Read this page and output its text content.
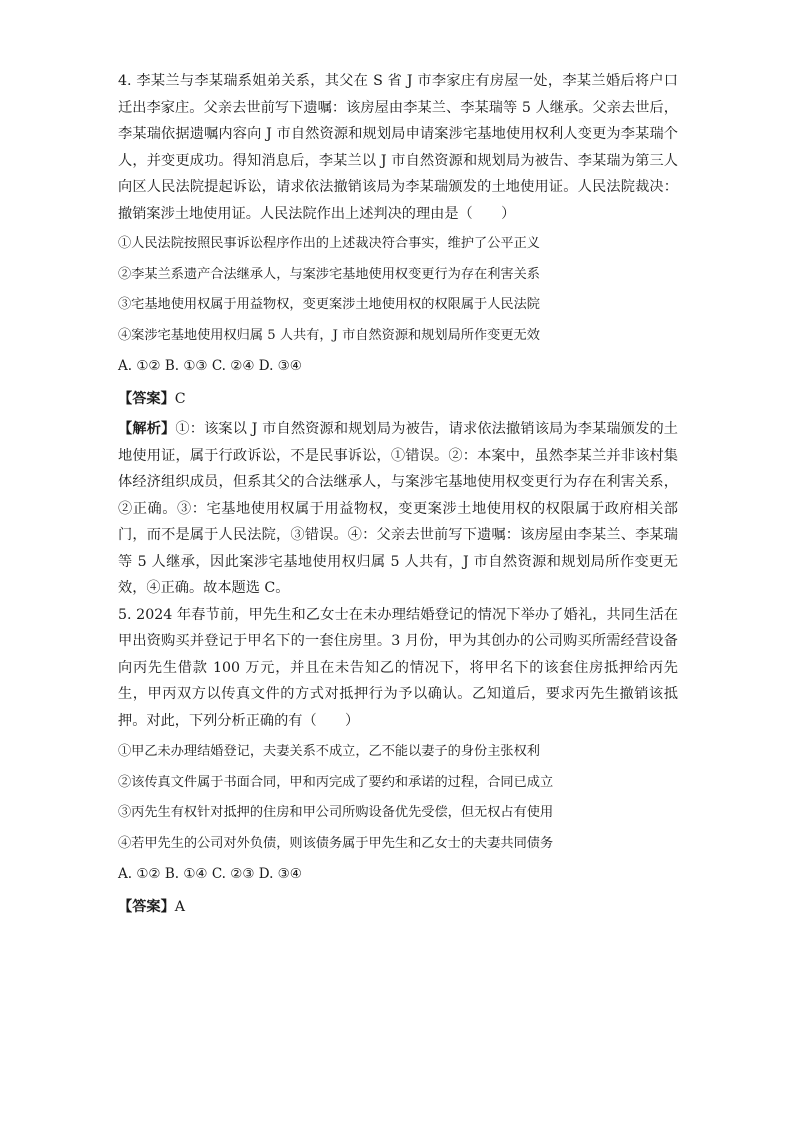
4. 李某兰与李某瑞系姐弟关系，其父在 S 省 J 市李家庄有房屋一处，李某兰婚后将户口迁出李家庄。父亲去世前写下遗嘱：该房屋由李某兰、李某瑞等 5 人继承。父亲去世后，李某瑞依据遗嘱内容向 J 市自然资源和规划局申请案涉宅基地使用权利人变更为李某瑞个人，并变更成功。得知消息后，李某兰以 J 市自然资源和规划局为被告、李某瑞为第三人向区人民法院提起诉讼，请求依法撤销该局为李某瑞颁发的土地使用证。人民法院裁决：撤销案涉土地使用证。人民法院作出上述判决的理由是（　　）

①人民法院按照民事诉讼程序作出的上述裁决符合事实，维护了公平正义

②李某兰系遗产合法继承人，与案涉宅基地使用权变更行为存在利害关系

③宅基地使用权属于用益物权，变更案涉土地使用权的权限属于人民法院

④案涉宅基地使用权归属 5 人共有，J 市自然资源和规划局所作变更无效

A. ①② B. ①③ C. ②④ D. ③④

【答案】C

【解析】①：该案以 J 市自然资源和规划局为被告，请求依法撤销该局为李某瑞颁发的土地使用证，属于行政诉讼，不是民事诉讼，①错误。②：本案中，虽然李某兰并非该村集体经济组织成员，但系其父的合法继承人，与案涉宅基地使用权变更行为存在利害关系，②正确。③：宅基地使用权属于用益物权，变更案涉土地使用权的权限属于政府相关部门，而不是属于人民法院，③错误。④：父亲去世前写下遗嘱：该房屋由李某兰、李某瑞等 5 人继承，因此案涉宅基地使用权归属 5 人共有，J 市自然资源和规划局所作变更无效，④正确。故本题选 C。

5. 2024 年春节前，甲先生和乙女士在未办理结婚登记的情况下举办了婚礼，共同生活在甲出资购买并登记于甲名下的一套住房里。3 月份，甲为其创办的公司购买所需经营设备向丙先生借款 100 万元，并且在未告知乙的情况下，将甲名下的该套住房抵押给丙先生，甲丙双方以传真文件的方式对抵押行为予以确认。乙知道后，要求丙先生撤销该抵押。对此，下列分析正确的有（　　）

①甲乙未办理结婚登记，夫妻关系不成立，乙不能以妻子的身份主张权利

②该传真文件属于书面合同，甲和丙完成了要约和承诺的过程，合同已成立

③丙先生有权针对抵押的住房和甲公司所购设备优先受偿，但无权占有使用

④若甲先生的公司对外负债，则该债务属于甲先生和乙女士的夫妻共同债务

A. ①② B. ①④ C. ②③ D. ③④

【答案】A
